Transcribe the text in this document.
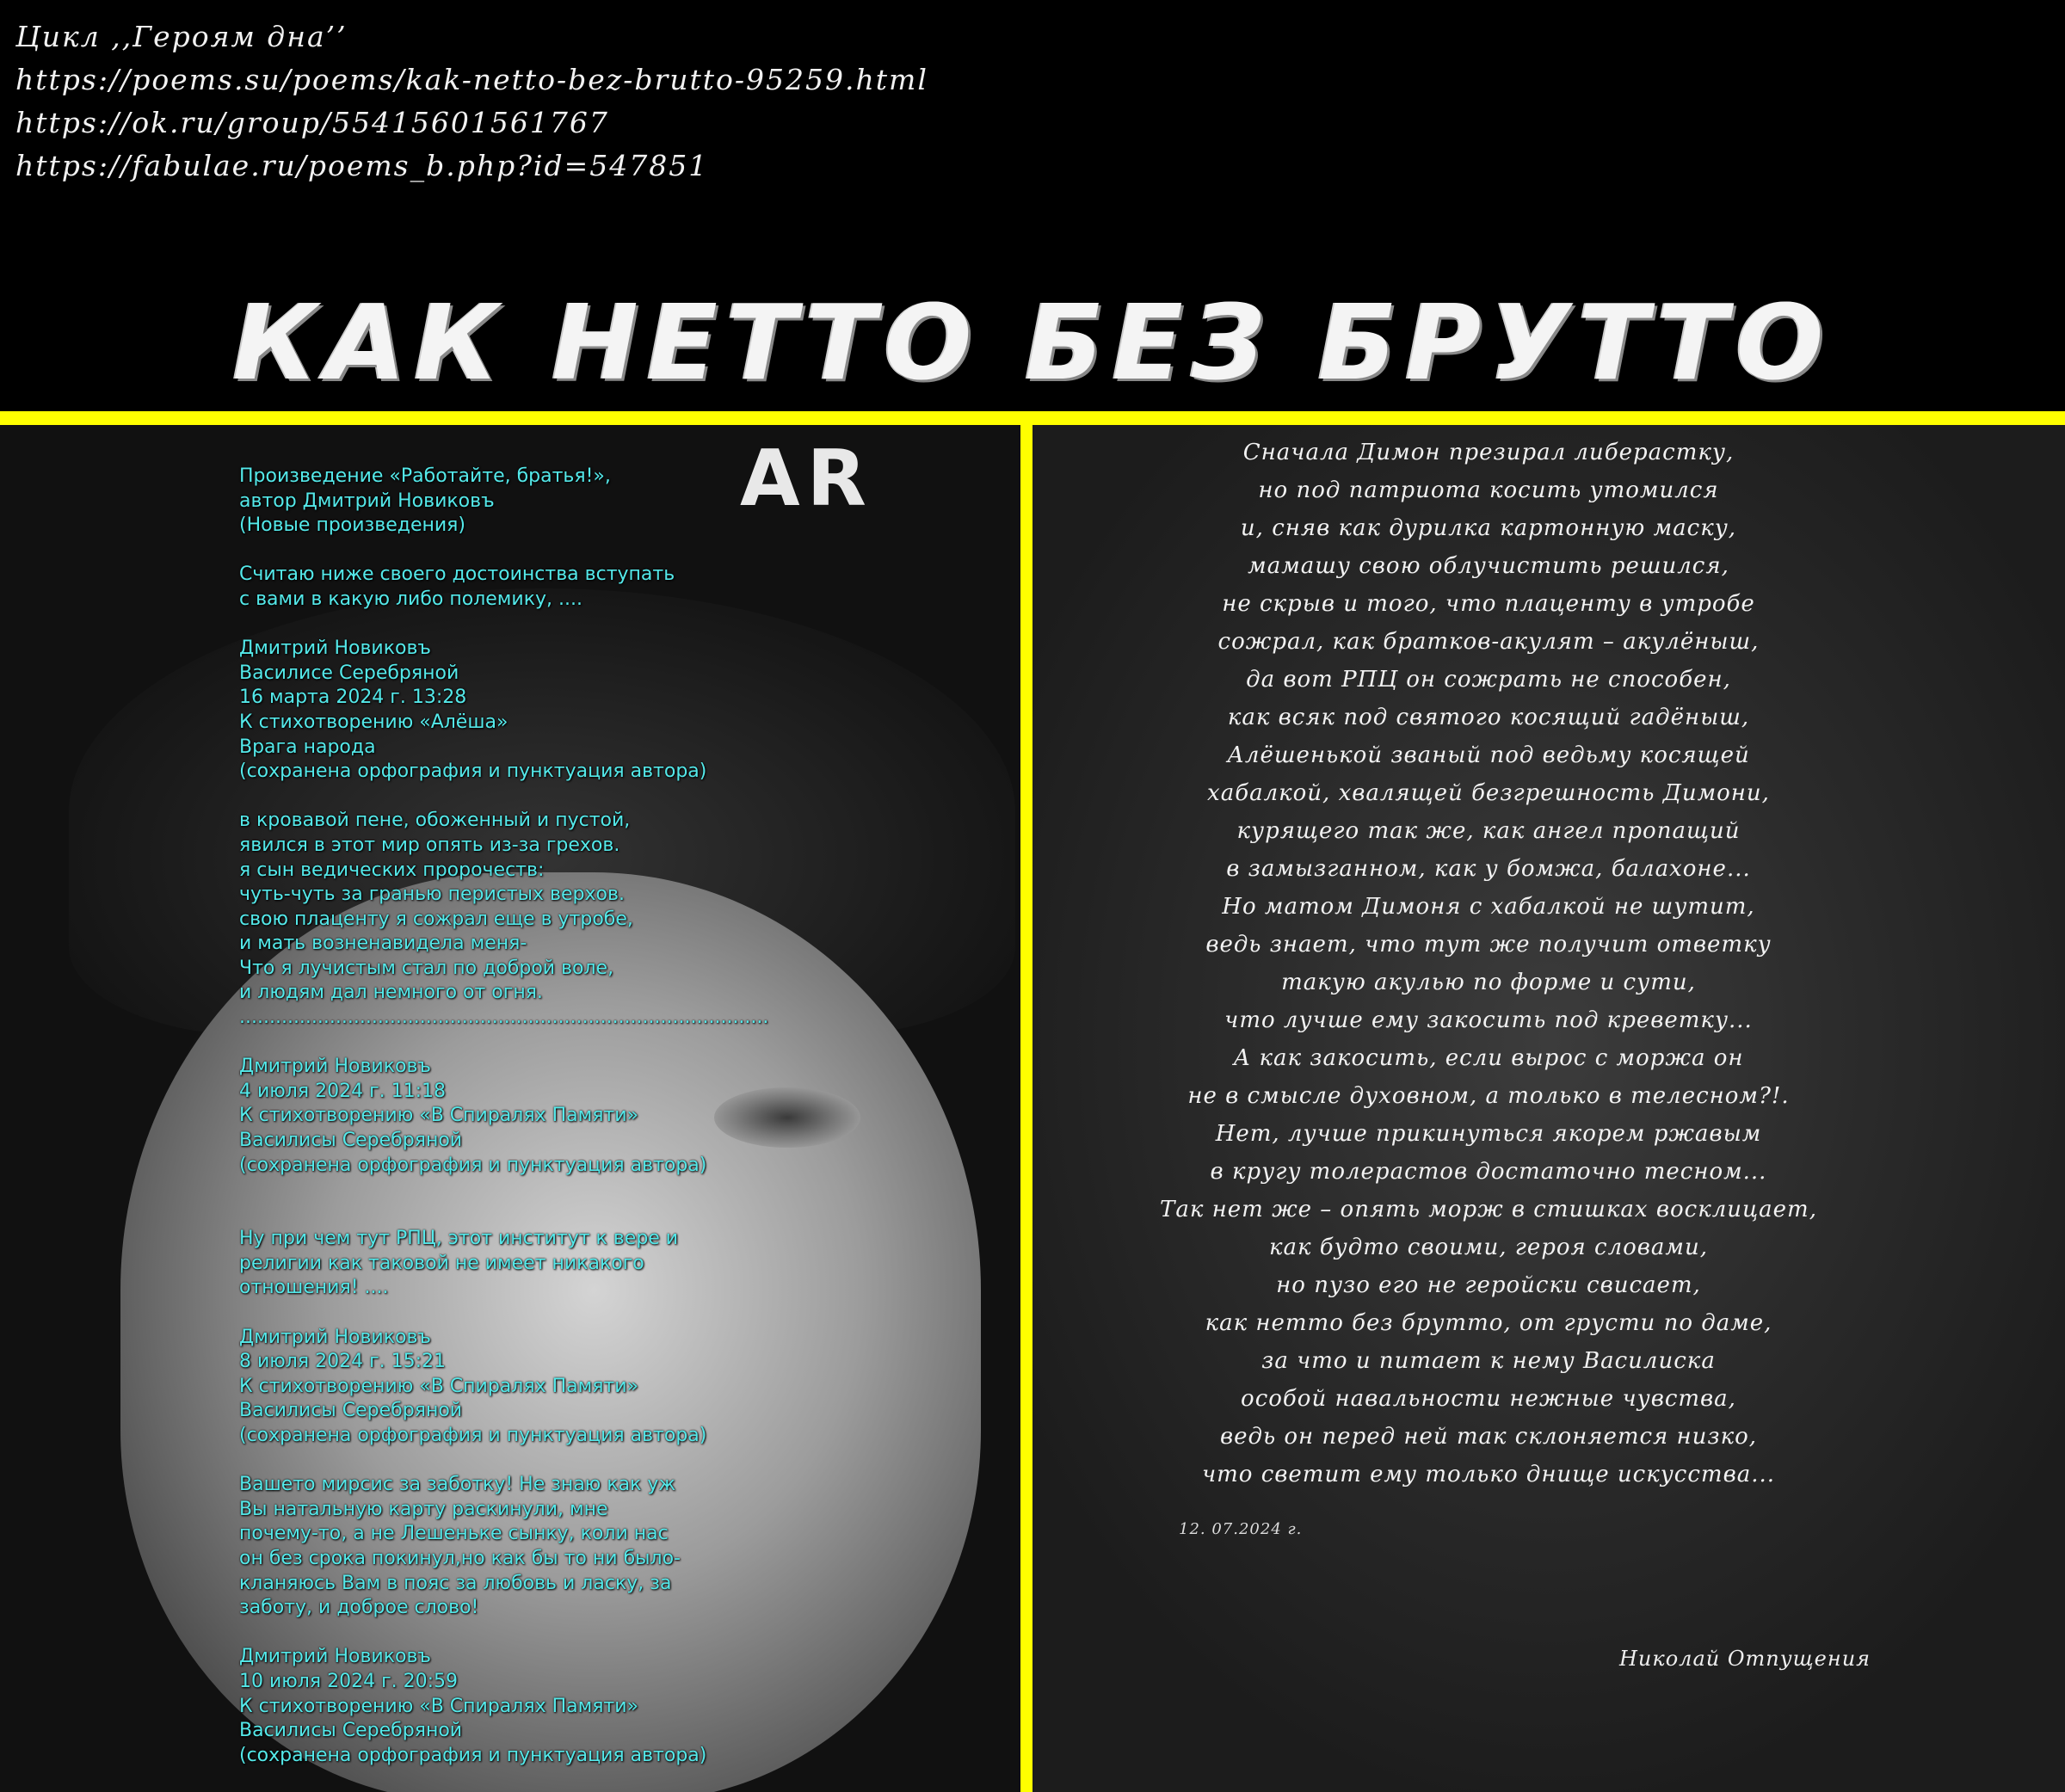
Цикл ,,Героям дна’’
https://poems.su/poems/kak-netto-bez-brutto-95259.html
https://ok.ru/group/55415601561767
https://fabulae.ru/poems_b.php?id=547851
КАК НЕТТО БЕЗ БРУТТО
AR
Произведение «Работайте, братья!»,
автор Дмитрий Новиковъ
(Новые произведения)
Считаю ниже своего достоинства вступать
с вами в какую либо полемику, ....
Дмитрий Новиковъ
Василисе Серебряной
16 марта 2024 г. 13:28
К стихотворению «Алёша»
Врага народа
(сохранена орфография и пунктуация автора)
в кровавой пене, обоженный и пустой,
явился в этот мир опять из-за грехов.
я сын ведических пророчеств:
чуть-чуть за гранью перистых верхов.
свою плаценту я сожрал еще в утробе,
и мать возненавидела меня-
Что я лучистым стал по доброй воле,
и людям дал немного от огня.
........................................................................................
Дмитрий Новиковъ
4 июля 2024 г. 11:18
К стихотворению «В Спиралях Памяти»
Василисы Серебряной
(сохранена орфография и пунктуация автора)
Ну при чем тут РПЦ, этот институт к вере и
религии как таковой не имеет никакого
отношения! ....
Дмитрий Новиковъ
8 июля 2024 г. 15:21
К стихотворению «В Спиралях Памяти»
Василисы Серебряной
(сохранена орфография и пунктуация автора)
Вашето мирсис за заботку! Не знаю как уж
Вы натальную карту раскинули, мне
почему-то, а не Лешеньке сынку, коли нас
он без срока покинул,но как бы то ни было-
кланяюсь Вам в пояс за любовь и ласку, за
заботу, и доброе слово!
Дмитрий Новиковъ
10 июля 2024 г. 20:59
К стихотворению «В Спиралях Памяти»
Василисы Серебряной
(сохранена орфография и пунктуация автора)
Сначала Димон презирал либерастку,
но под патриота косить утомился
и, сняв как дурилка картонную маску,
мамашу свою облучистить решился,
не скрыв и того, что плаценту в утробе
сожрал, как братков-акулят – акулёныш,
да вот РПЦ он сожрать не способен,
как всяк под святого косящий гадёныш,
Алёшенькой званый под ведьму косящей
хабалкой, хвалящей безгрешность Димони,
курящего так же, как ангел пропащий
в замызганном, как у бомжа, балахоне...
Но матом Димоня с хабалкой не шутит,
ведь знает, что тут же получит ответку
такую акулью по форме и сути,
что лучше ему закосить под креветку...
А как закосить, если вырос с моржа он
не в смысле духовном, а только в телесном?!.
Нет, лучше прикинуться якорем ржавым
в кругу толерастов достаточно тесном...
Так нет же – опять морж в стишках восклицает,
как будто своими, героя словами,
но пузо его не геройски свисает,
как нетто без брутто, от грусти по даме,
за что и питает к нему Василиска
особой навальности нежные чувства,
ведь он перед ней так склоняется низко,
что светит ему только днище искусства...
12. 07.2024 г.
Николай Отпущения
